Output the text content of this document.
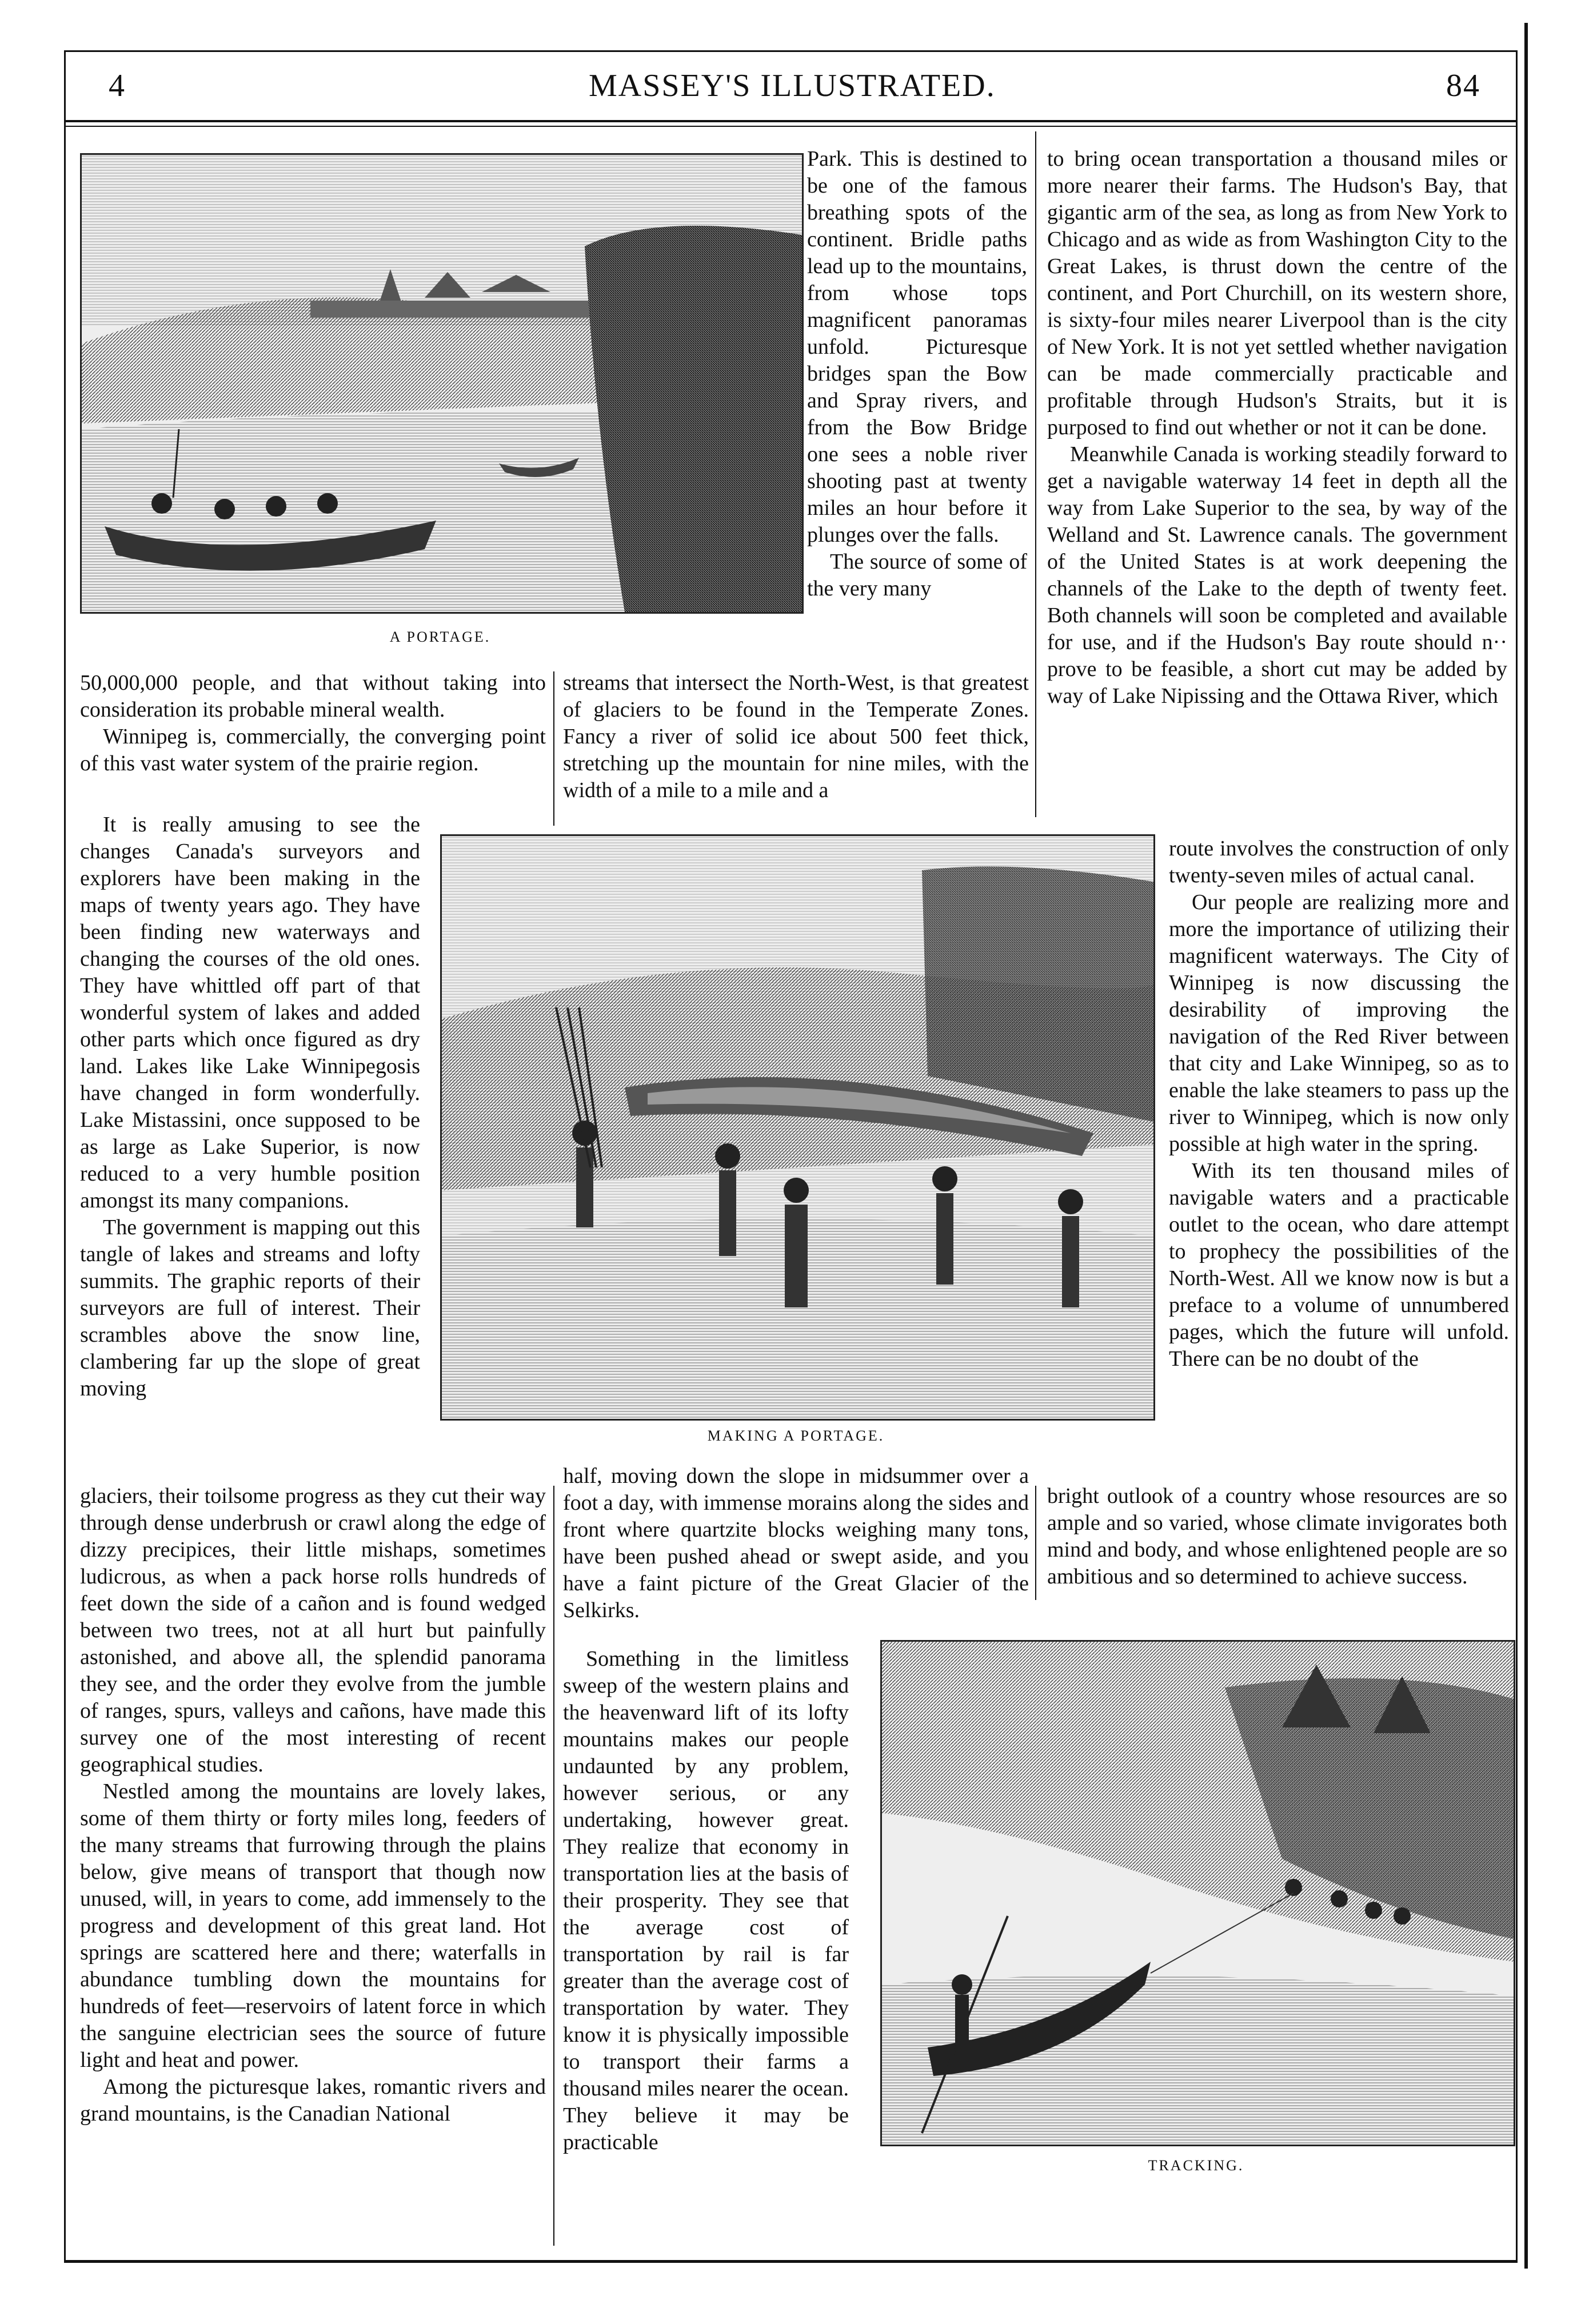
4	MASSEY'S ILLUSTRATED.	84
A PORTAGE.

Park. This is destined to be one of the famous breathing spots of the continent. Bridle paths lead up to the mountains, from whose tops magnificent panoramas unfold. Picturesque bridges span the Bow and Spray rivers, and from the Bow Bridge one sees a noble river shooting past at twenty miles an hour before it plunges over the falls.

The source of some of the very many

to bring ocean transportation a thousand miles or more nearer their farms. The Hudson's Bay, that gigantic arm of the sea, as long as from New York to Chicago and as wide as from Washington City to the Great Lakes, is thrust down the centre of the continent, and Port Churchill, on its western shore, is sixty-four miles nearer Liverpool than is the city of New York. It is not yet settled whether navigation can be made commercially practicable and profitable through Hudson's Straits, but it is purposed to find out whether or not it can be done.

Meanwhile Canada is working steadily forward to get a navigable waterway 14 feet in depth all the way from Lake Superior to the sea, by way of the Welland and St. Lawrence canals. The government of the United States is at work deepening the channels of the Lake to the depth of twenty feet. Both channels will soon be completed and available for use, and if the Hudson's Bay route should n·· prove to be feasible, a short cut may be added by way of Lake Nipissing and the Ottawa River, which

50,000,000 people, and that without taking into consideration its probable mineral wealth.

Winnipeg is, commercially, the converging point of this vast water system of the prairie region.

streams that intersect the North-West, is that greatest of glaciers to be found in the Temperate Zones. Fancy a river of solid ice about 500 feet thick, stretching up the mountain for nine miles, with the width of a mile to a mile and a

MAKING A PORTAGE.

It is really amusing to see the changes Canada's surveyors and explorers have been making in the maps of twenty years ago. They have been finding new waterways and changing the courses of the old ones. They have whittled off part of that wonderful system of lakes and added other parts which once figured as dry land. Lakes like Lake Winnipegosis have changed in form wonderfully. Lake Mistassini, once supposed to be as large as Lake Superior, is now reduced to a very humble position amongst its many companions.

The government is mapping out this tangle of lakes and streams and lofty summits. The graphic reports of their surveyors are full of interest. Their scrambles above the snow line, clambering far up the slope of great moving

route involves the construction of only twenty-seven miles of actual canal.

Our people are realizing more and more the importance of utilizing their magnificent waterways. The City of Winnipeg is now discussing the desirability of improving the navigation of the Red River between that city and Lake Winnipeg, so as to enable the lake steamers to pass up the river to Winnipeg, which is now only possible at high water in the spring.

With its ten thousand miles of navigable waters and a practicable outlet to the ocean, who dare attempt to prophecy the possibilities of the North-West. All we know now is but a preface to a volume of unnumbered pages, which the future will unfold. There can be no doubt of the

glaciers, their toilsome progress as they cut their way through dense underbrush or crawl along the edge of dizzy precipices, their little mishaps, sometimes ludicrous, as when a pack horse rolls hundreds of feet down the side of a cañon and is found wedged between two trees, not at all hurt but painfully astonished, and above all, the splendid panorama they see, and the order they evolve from the jumble of ranges, spurs, valleys and cañons, have made this survey one of the most interesting of recent geographical studies.

Nestled among the mountains are lovely lakes, some of them thirty or forty miles long, feeders of the many streams that furrowing through the plains below, give means of transport that though now unused, will, in years to come, add immensely to the progress and development of this great land. Hot springs are scattered here and there; waterfalls in abundance tumbling down the mountains for hundreds of feet—reservoirs of latent force in which the sanguine electrician sees the source of future light and heat and power.

Among the picturesque lakes, romantic rivers and grand mountains, is the Canadian National

half, moving down the slope in midsummer over a foot a day, with immense morains along the sides and front where quartzite blocks weighing many tons, have been pushed ahead or swept aside, and you have a faint picture of the Great Glacier of the Selkirks.

Something in the limitless sweep of the western plains and the heavenward lift of its lofty mountains makes our people undaunted by any problem, however serious, or any undertaking, however great. They realize that economy in transportation lies at the basis of their prosperity. They see that the average cost of transportation by rail is far greater than the average cost of transportation by water. They know it is physically impossible to transport their farms a thousand miles nearer the ocean. They believe it may be practicable

bright outlook of a country whose resources are so ample and so varied, whose climate invigorates both mind and body, and whose enlightened people are so ambitious and so determined to achieve success.

TRACKING.
